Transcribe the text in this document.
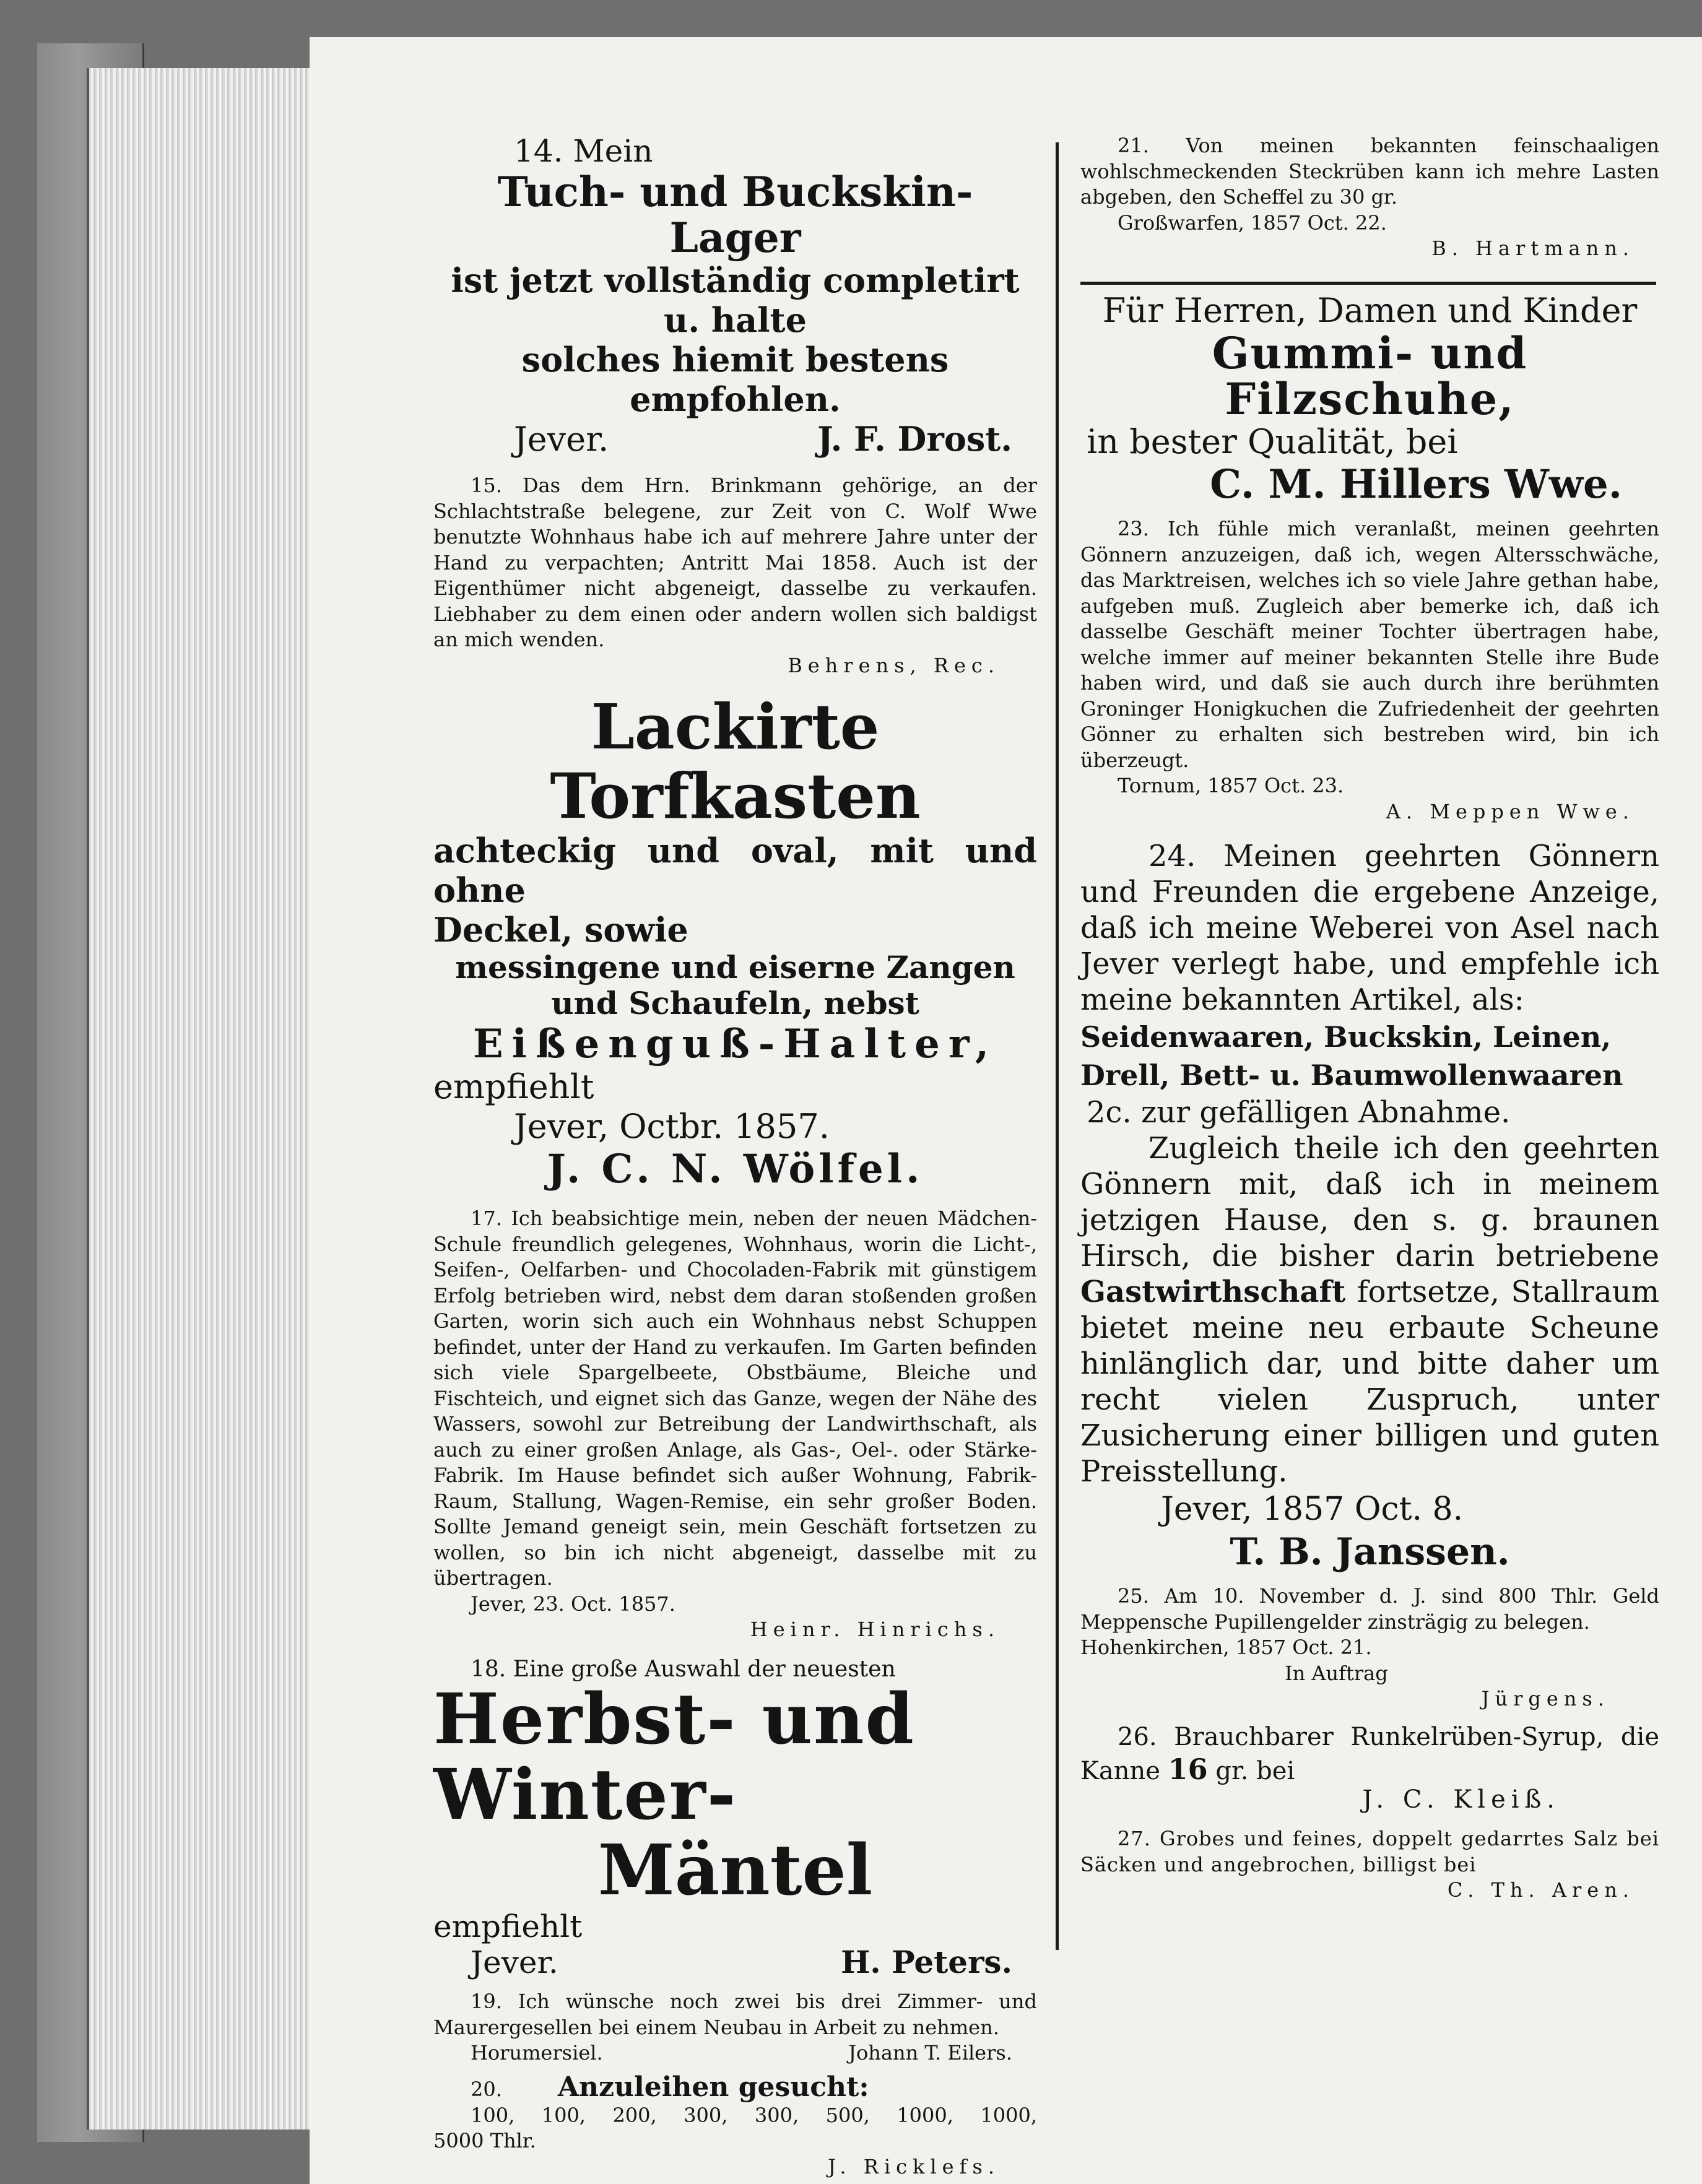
14. Mein
Tuch- und Buckskin-Lager
ist jetzt vollständig completirt u. halte
solches hiemit bestens empfohlen.
Jever.	J. F. Drost.

15. Das dem Hrn. Brinkmann gehörige, an der Schlachtstraße belegene, zur Zeit von C. Wolf Wwe benutzte Wohnhaus habe ich auf mehrere Jahre unter der Hand zu verpachten; Antritt Mai 1858. Auch ist der Eigenthümer nicht abgeneigt, dasselbe zu verkaufen. Liebhaber zu dem einen oder andern wollen sich baldigst an mich wenden.

Behrens, Rec.

Lackirte Torfkasten
achteckig und oval, mit und ohne
Deckel, sowie
messingene und eiserne Zangen
und Schaufeln, nebst
Eißenguß-Halter,
empfiehlt
Jever, Octbr. 1857.
J. C. N. Wölfel.

17. Ich beabsichtige mein, neben der neuen Mädchen-Schule freundlich gelegenes, Wohnhaus, worin die Licht-, Seifen-, Oelfarben- und Chocoladen-Fabrik mit günstigem Erfolg betrieben wird, nebst dem daran stoßenden großen Garten, worin sich auch ein Wohnhaus nebst Schuppen befindet, unter der Hand zu verkaufen. Im Garten befinden sich viele Spargelbeete, Obstbäume, Bleiche und Fischteich, und eignet sich das Ganze, wegen der Nähe des Wassers, sowohl zur Betreibung der Landwirthschaft, als auch zu einer großen Anlage, als Gas-, Oel-. oder Stärke-Fabrik. Im Hause befindet sich außer Wohnung, Fabrik-Raum, Stallung, Wagen-Remise, ein sehr großer Boden. Sollte Jemand geneigt sein, mein Geschäft fortsetzen zu wollen, so bin ich nicht abgeneigt, dasselbe mit zu übertragen.

Jever, 23. Oct. 1857.

Heinr. Hinrichs.

18. Eine große Auswahl der neuesten

Herbst- und Winter-
Mäntel
empfiehlt
Jever.	H. Peters.

19. Ich wünsche noch zwei bis drei Zimmer- und Maurergesellen bei einem Neubau in Arbeit zu nehmen.

Horumersiel.	Johann T. Eilers.
20.	Anzuleihen gesucht:

100, 100, 200, 300, 300, 500, 1000, 1000,

5000 Thlr.

J. Ricklefs.

21. Von meinen bekannten feinschaaligen wohlschmeckenden Steckrüben kann ich mehre Lasten abgeben, den Scheffel zu 30 gr.

Großwarfen, 1857 Oct. 22.

B. Hartmann.

Für Herren, Damen und Kinder
Gummi- und Filzschuhe,
in bester Qualität, bei
C. M. Hillers Wwe.

23. Ich fühle mich veranlaßt, meinen geehrten Gönnern anzuzeigen, daß ich, wegen Altersschwäche, das Marktreisen, welches ich so viele Jahre gethan habe, aufgeben muß. Zugleich aber bemerke ich, daß ich dasselbe Geschäft meiner Tochter übertragen habe, welche immer auf meiner bekannten Stelle ihre Bude haben wird, und daß sie auch durch ihre berühmten Groninger Honigkuchen die Zufriedenheit der geehrten Gönner zu erhalten sich bestreben wird, bin ich überzeugt.

Tornum, 1857 Oct. 23.

A. Meppen Wwe.

24. Meinen geehrten Gönnern und Freunden die ergebene Anzeige, daß ich meine Weberei von Asel nach Jever verlegt habe, und empfehle ich meine bekannten Artikel, als:

Seidenwaaren, Buckskin, Leinen,
Drell, Bett- u. Baumwollenwaaren
2c. zur gefälligen Abnahme.

Zugleich theile ich den geehrten Gönnern mit, daß ich in meinem jetzigen Hause, den s. g. braunen Hirsch, die bisher darin betriebene Gastwirthschaft fortsetze, Stallraum bietet meine neu erbaute Scheune hinlänglich dar, und bitte daher um recht vielen Zuspruch, unter Zusicherung einer billigen und guten Preisstellung.

Jever, 1857 Oct. 8.
T. B. Janssen.

25. Am 10. November d. J. sind 800 Thlr. Geld Meppensche Pupillengelder zinsträgig zu belegen.

Hohenkirchen, 1857 Oct. 21.

In Auftrag

Jürgens.

26. Brauchbarer Runkelrüben-Syrup, die Kanne 16 gr. bei

J. C. Kleiß.

27. Grobes und feines, doppelt gedarrtes Salz bei Säcken und angebrochen, billigst bei

C. Th. Aren.
